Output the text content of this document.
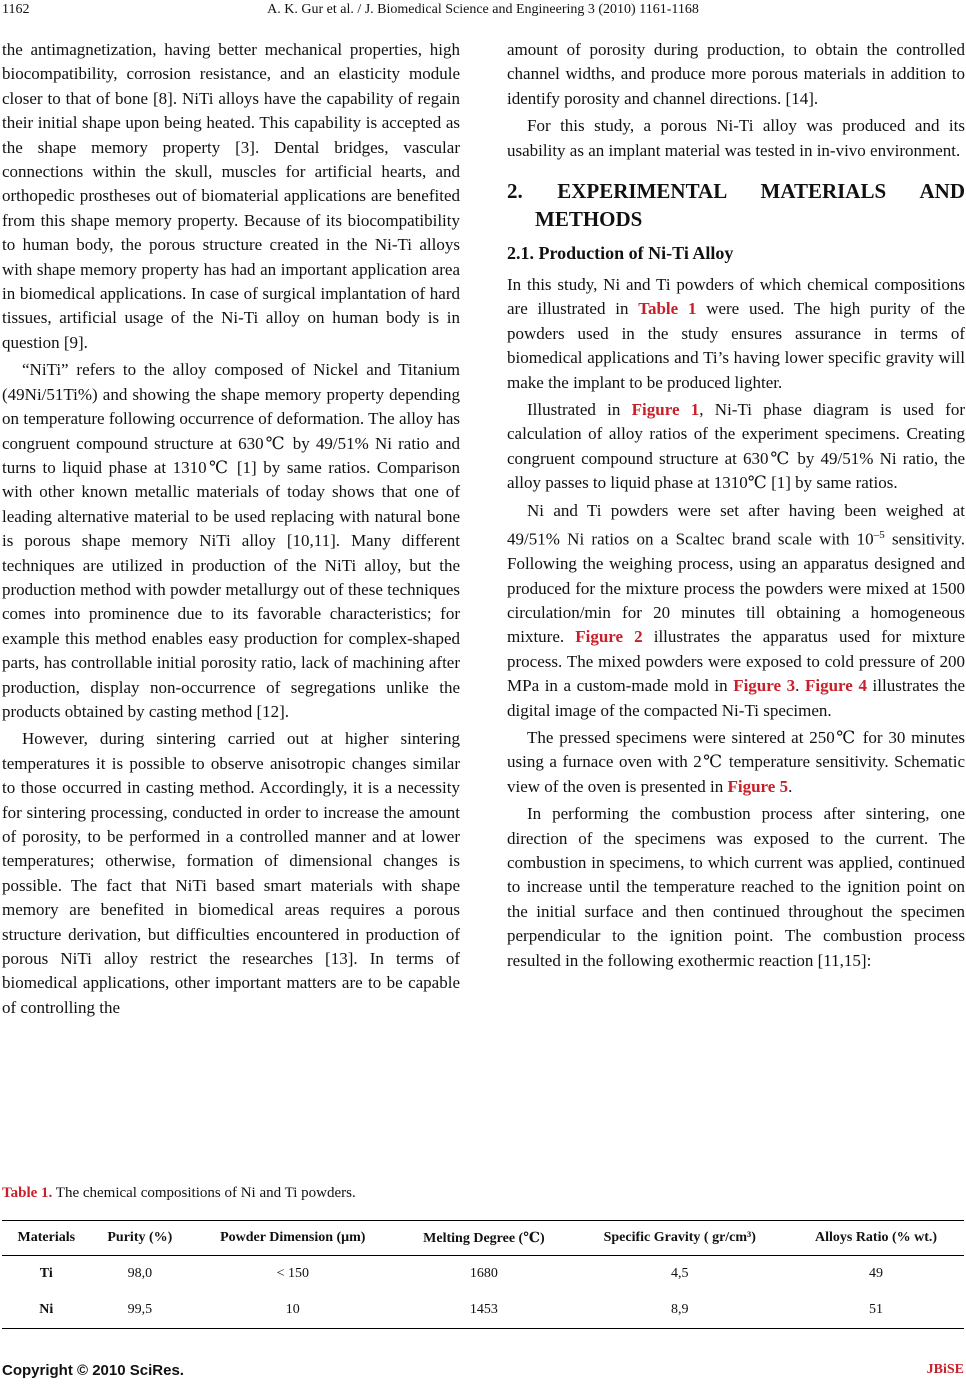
1162	A. K. Gur et al. / J. Biomedical Science and Engineering 3 (2010) 1161-1168

the antimagnetization, having better mechanical properties, high biocompatibility, corrosion resistance, and an elasticity module closer to that of bone [8]. NiTi alloys have the capability of regain their initial shape upon being heated. This capability is accepted as the shape memory property [3]. Dental bridges, vascular connections within the skull, muscles for artificial hearts, and orthopedic prostheses out of biomaterial applications are benefited from this shape memory property. Because of its biocompatibility to human body, the porous structure created in the Ni-Ti alloys with shape memory property has had an important application area in biomedical applications. In case of surgical implantation of hard tissues, artificial usage of the Ni-Ti alloy on human body is in question [9].

“NiTi” refers to the alloy composed of Nickel and Titanium (49Ni/51Ti%) and showing the shape memory property depending on temperature following occurrence of deformation. The alloy has congruent compound structure at 630℃ by 49/51% Ni ratio and turns to liquid phase at 1310℃ [1] by same ratios. Comparison with other known metallic materials of today shows that one of leading alternative material to be used replacing with natural bone is porous shape memory NiTi alloy [10,11]. Many different techniques are utilized in production of the NiTi alloy, but the production method with powder metallurgy out of these techniques comes into prominence due to its favorable characteristics; for example this method enables easy production for complex-shaped parts, has controllable initial porosity ratio, lack of machining after production, display non-occurrence of segregations unlike the products obtained by casting method [12].

However, during sintering carried out at higher sintering temperatures it is possible to observe anisotropic changes similar to those occurred in casting method. Accordingly, it is a necessity for sintering processing, conducted in order to increase the amount of porosity, to be performed in a controlled manner and at lower temperatures; otherwise, formation of dimensional changes is possible. The fact that NiTi based smart materials with shape memory are benefited in biomedical areas requires a porous structure derivation, but difficulties encountered in production of porous NiTi alloy restrict the researches [13]. In terms of biomedical applications, other important matters are to be capable of controlling the

amount of porosity during production, to obtain the controlled channel widths, and produce more porous materials in addition to identify porosity and channel directions. [14].

For this study, a porous Ni-Ti alloy was produced and its usability as an implant material was tested in in-vivo environment.

2. EXPERIMENTAL MATERIALS AND METHODS
2.1. Production of Ni-Ti Alloy

In this study, Ni and Ti powders of which chemical compositions are illustrated in Table 1 were used. The high purity of the powders used in the study ensures assurance in terms of biomedical applications and Ti’s having lower specific gravity will make the implant to be produced lighter.

Illustrated in Figure 1, Ni-Ti phase diagram is used for calculation of alloy ratios of the experiment specimens. Creating congruent compound structure at 630℃ by 49/51% Ni ratio, the alloy passes to liquid phase at 1310℃ [1] by same ratios.

Ni and Ti powders were set after having been weighed at 49/51% Ni ratios on a Scaltec brand scale with $10^{-5}$ sensitivity. Following the weighing process, using an apparatus designed and produced for the mixture process the powders were mixed at 1500 circulation/min for 20 minutes till obtaining a homogeneous mixture. Figure 2 illustrates the apparatus used for mixture process. The mixed powders were exposed to cold pressure of 200 MPa in a custom-made mold in Figure 3. Figure 4 illustrates the digital image of the compacted Ni-Ti specimen.

The pressed specimens were sintered at 250℃ for 30 minutes using a furnace oven with 2℃ temperature sensitivity. Schematic view of the oven is presented in Figure 5.

In performing the combustion process after sintering, one direction of the specimens was exposed to the current. The combustion in specimens, to which current was applied, continued to increase until the temperature reached to the ignition point on the initial surface and then continued throughout the specimen perpendicular to the ignition point. The combustion process resulted in the following exothermic reaction [11,15]:

Table 1. The chemical compositions of Ni and Ti powders.
Materials	Purity (%)	Powder Dimension (μm)	Melting Degree (℃)	Specific Gravity ( gr/cm³)	Alloys Ratio (% wt.)
Ti	98,0	< 150	1680	4,5	49
Ni	99,5	10	1453	8,9	51
Copyright © 2010 SciRes.	JBiSE
